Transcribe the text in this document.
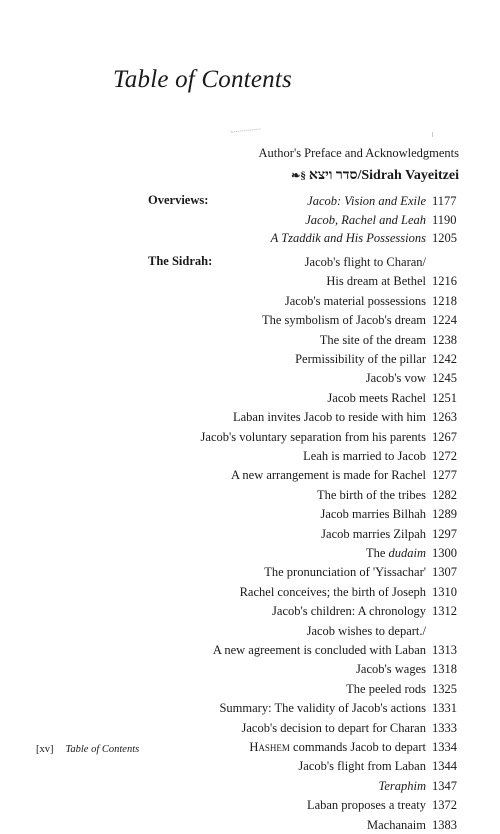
Table of Contents
Author's Preface and Acknowledgments
❧§ סדר ויצא/Sidrah Vayeitzei
Overviews:	Jacob: Vision and Exile 1177
Jacob, Rachel and Leah 1190
A Tzaddik and His Possessions 1205
The Sidrah:	Jacob's flight to Charan/
His dream at Bethel 1216
Jacob's material possessions 1218
The symbolism of Jacob's dream 1224
The site of the dream 1238
Permissibility of the pillar 1242
Jacob's vow 1245
Jacob meets Rachel 1251
Laban invites Jacob to reside with him 1263
Jacob's voluntary separation from his parents 1267
Leah is married to Jacob 1272
A new arrangement is made for Rachel 1277
The birth of the tribes 1282
Jacob marries Bilhah 1289
Jacob marries Zilpah 1297
The dudaim 1300
The pronunciation of 'Yissachar' 1307
Rachel conceives; the birth of Joseph 1310
Jacob's children: A chronology 1312
Jacob wishes to depart./
A new agreement is concluded with Laban 1313
Jacob's wages 1318
The peeled rods 1325
Summary: The validity of Jacob's actions 1331
Jacob's decision to depart for Charan 1333
Hashem commands Jacob to depart 1334
Jacob's flight from Laban 1344
Teraphim 1347
Laban proposes a treaty 1372
Machanaim 1383
[xv] Table of Contents
